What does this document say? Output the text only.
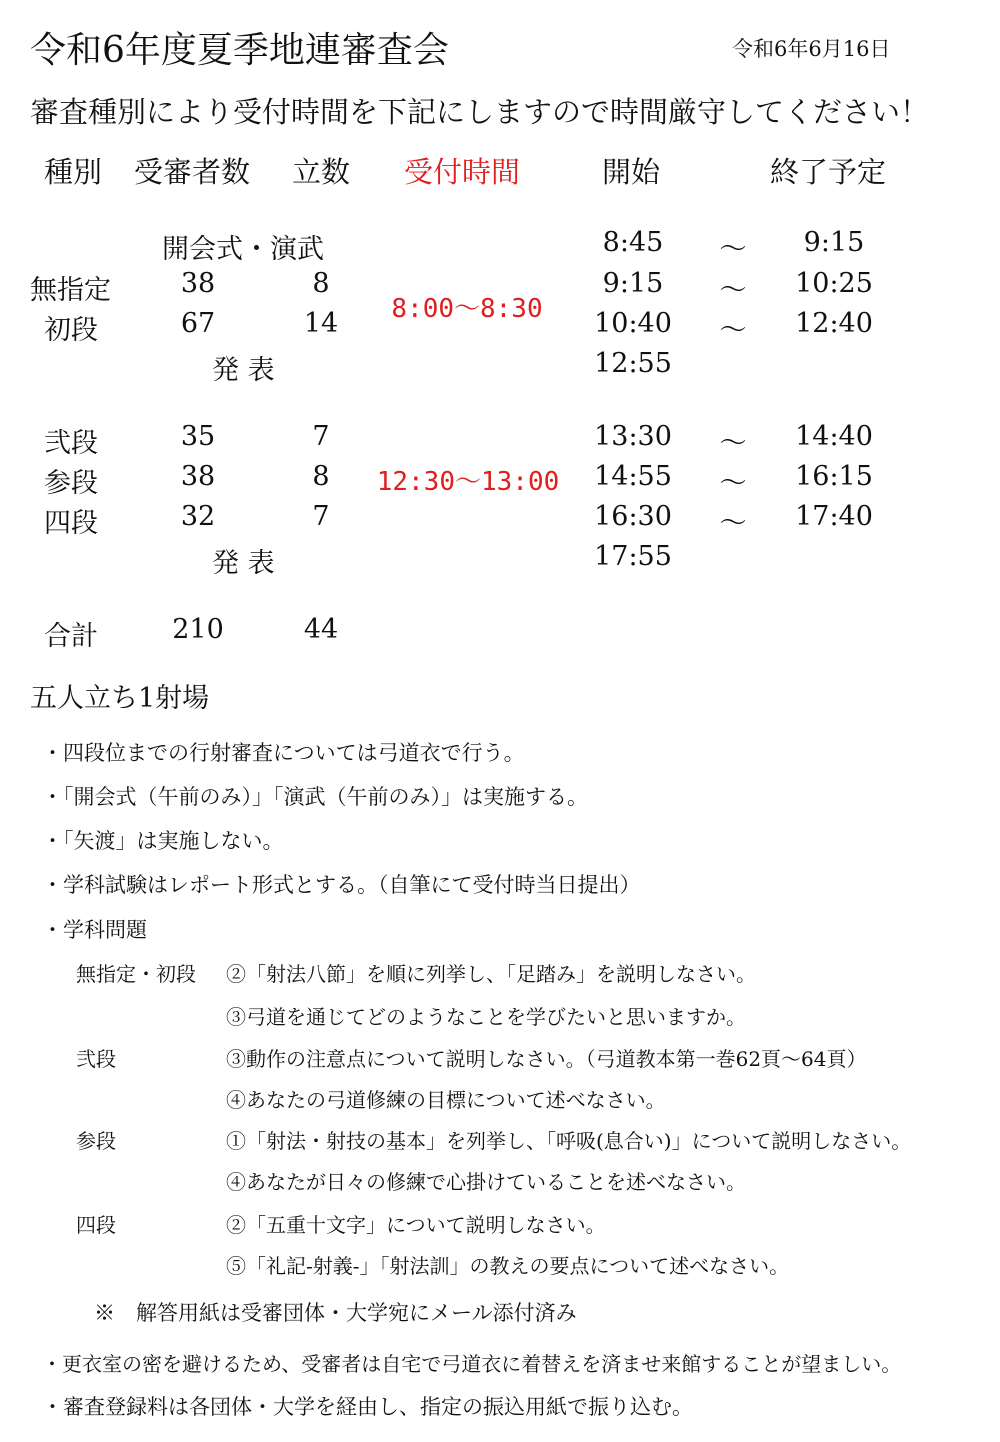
令和6年度夏季地連審査会	令和6年6月16日
審査種別により受付時間を下記にしますので時間厳守してください！
種別 受審者数 立数 受付時間	開始	終了予定
開会式・演武	8:45 〜 9:15
無指定	38	8	9:15 〜 10:25
初段	67	14	10:40 〜 12:40
8:00〜8:30
発 表	12:55
弐段	35	7	13:30 〜 14:40
参段	38	8	14:55 〜 16:15
四段	32	7	16:30 〜 17:40
12:30〜13:00
発 表	17:55
合計	210	44
五人立ち1射場
・四段位までの行射審査については弓道衣で行う。
・「開会式（午前のみ）」「演武（午前のみ）」は実施する。
・「矢渡」は実施しない。
・学科試験はレポート形式とする。（自筆にて受付時当日提出）
・学科問題
無指定・初段 ②「射法八節」を順に列挙し、「足踏み」を説明しなさい。
③弓道を通じてどのようなことを学びたいと思いますか。
弐段	③動作の注意点について説明しなさい。（弓道教本第一巻62頁〜64頁）
④あなたの弓道修練の目標について述べなさい。
参段	①「射法・射技の基本」を列挙し、「呼吸(息合い)」について説明しなさい。
④あなたが日々の修練で心掛けていることを述べなさい。
四段	②「五重十文字」について説明しなさい。
⑤「礼記-射義-」「射法訓」の教えの要点について述べなさい。
※　解答用紙は受審団体・大学宛にメール添付済み
・更衣室の密を避けるため、受審者は自宅で弓道衣に着替えを済ませ来館することが望ましい。
・審査登録料は各団体・大学を経由し、指定の振込用紙で振り込む。
